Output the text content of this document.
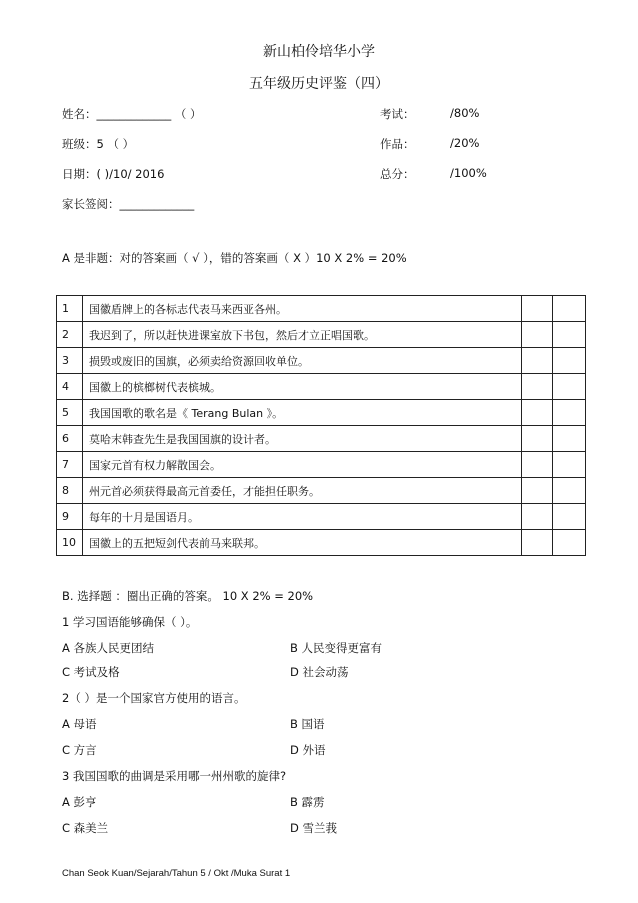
新山柏伶培华小学
五年级历史评鉴（四）
姓名：_____________ （ ）	考试：	/80%
班级：5 （ ）	作品：	/20%
日期：( )/10/ 2016	总分：	/100%
家长签阅：_____________
A 是非题：对的答案画（ √ ），错的答案画（ X ）10 X 2% = 20%
1	国徽盾牌上的各标志代表马来西亚各州。		
2	我迟到了，所以赶快进课室放下书包，然后才立正唱国歌。		
3	损毁或废旧的国旗，必须卖给资源回收单位。		
4	国徽上的槟榔树代表槟城。		
5	我国国歌的歌名是《 Terang Bulan 》。		
6	莫哈末韩查先生是我国国旗的设计者。		
7	国家元首有权力解散国会。		
8	州元首必须获得最高元首委任，才能担任职务。		
9	每年的十月是国语月。		
10	国徽上的五把短剑代表前马来联邦。		
B. 选择题 ：圈出正确的答案。 10 X 2% = 20%
1 学习国语能够确保（ ）。
A 各族人民更团结	B 人民变得更富有
C 考试及格	D 社会动荡
2（ ）是一个国家官方使用的语言。
A 母语	B 国语
C 方言	D 外语
3 我国国歌的曲调是采用哪一州州歌的旋律?
A 彭亨	B 霹雳
C 森美兰	D 雪兰莪
Chan Seok Kuan/Sejarah/Tahun 5 / Okt /Muka Surat 1
